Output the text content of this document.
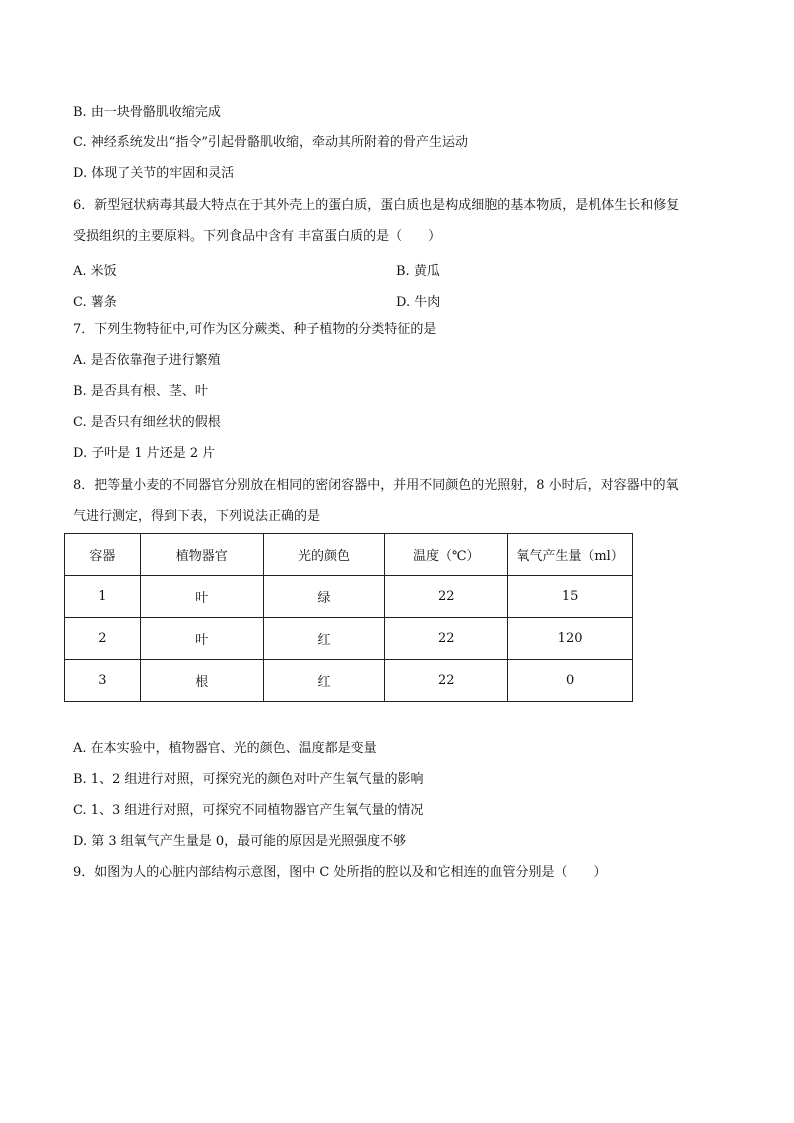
B. 由一块骨骼肌收缩完成
C. 神经系统发出“指令”引起骨骼肌收缩，牵动其所附着的骨产生运动
D. 体现了关节的牢固和灵活
6．新型冠状病毒其最大特点在于其外壳上的蛋白质，蛋白质也是构成细胞的基本物质，是机体生长和修复
受损组织的主要原料。下列食品中含有 丰富蛋白质的是（　　）
A. 米饭	B. 黄瓜
C. 薯条	D. 牛肉
7．下列生物特征中,可作为区分蕨类、种子植物的分类特征的是
A. 是否依靠孢子进行繁殖
B. 是否具有根、茎、叶
C. 是否只有细丝状的假根
D. 子叶是 1 片还是 2 片
8．把等量小麦的不同器官分别放在相同的密闭容器中，并用不同颜色的光照射，8 小时后，对容器中的氧
气进行测定，得到下表，下列说法正确的是
容器	植物器官	光的颜色	温度（℃）	氧气产生量（ml）
1	叶	绿	22	15
2	叶	红	22	120
3	根	红	22	0
A. 在本实验中，植物器官、光的颜色、温度都是变量
B. 1、2 组进行对照，可探究光的颜色对叶产生氧气量的影响
C. 1、3 组进行对照，可探究不同植物器官产生氧气量的情况
D. 第 3 组氧气产生量是 0，最可能的原因是光照强度不够
9．如图为人的心脏内部结构示意图，图中 C 处所指的腔以及和它相连的血管分别是（　　）
